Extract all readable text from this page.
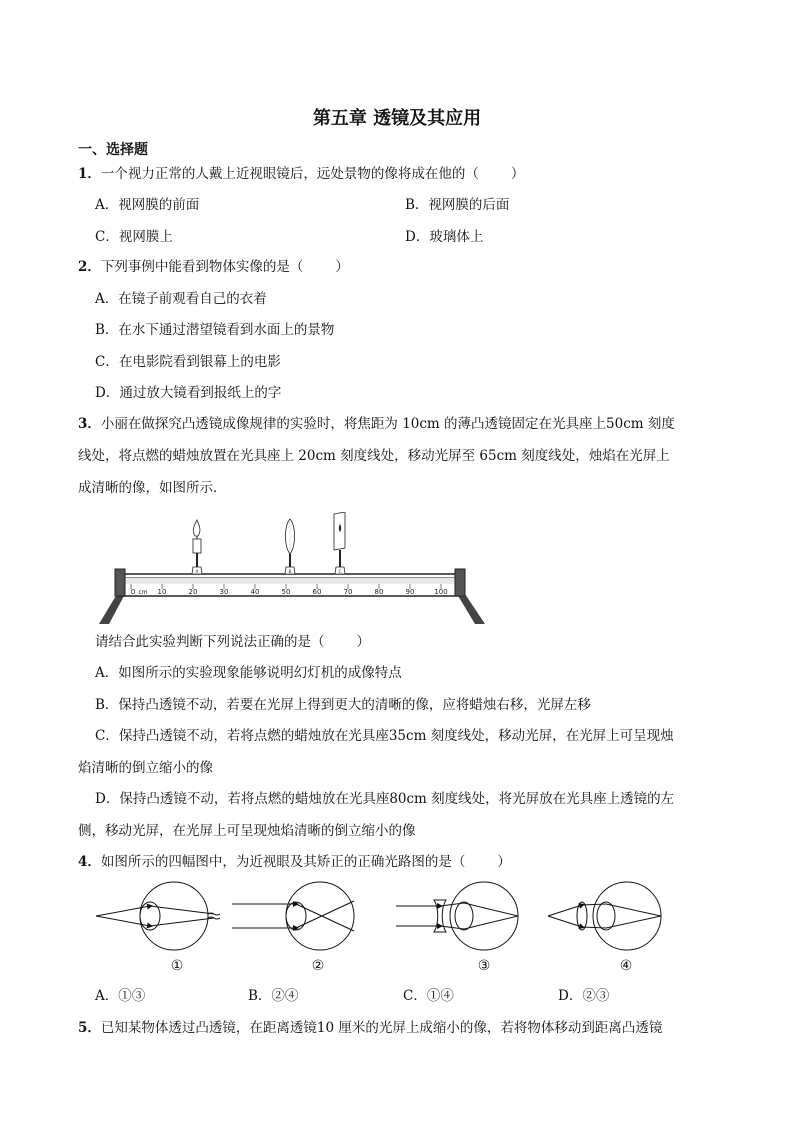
第五章 透镜及其应用
一、选择题
1．一个视力正常的人戴上近视眼镜后，远处景物的像将成在他的（ ）
A．视网膜的前面	B．视网膜的后面
C．视网膜上	D．玻璃体上
2．下列事例中能看到物体实像的是（ ）
A．在镜子前观看自己的衣着
B．在水下通过潜望镜看到水面上的景物
C．在电影院看到银幕上的电影
D．通过放大镜看到报纸上的字
3．小丽在做探究凸透镜成像规律的实验时，将焦距为 10cm 的薄凸透镜固定在光具座上50cm 刻度
线处，将点燃的蜡烛放置在光具座上 20cm 刻度线处，移动光屏至 65cm 刻度线处，烛焰在光屏上
成清晰的像，如图所示．
0 cm 10	20	30	40	50	60	70	80	90	100
A	B	C
请结合此实验判断下列说法正确的是（ ）
A．如图所示的实验现象能够说明幻灯机的成像特点
B．保持凸透镜不动，若要在光屏上得到更大的清晰的像，应将蜡烛右移，光屏左移
C．保持凸透镜不动，若将点燃的蜡烛放在光具座35cm 刻度线处，移动光屏，在光屏上可呈现烛
焰清晰的倒立缩小的像
D．保持凸透镜不动，若将点燃的蜡烛放在光具座80cm 刻度线处，将光屏放在光具座上透镜的左
侧，移动光屏，在光屏上可呈现烛焰清晰的倒立缩小的像
4．如图所示的四幅图中，为近视眼及其矫正的正确光路图的是（ ）
①	②	③	④
A．①③	B．②④	C．①④	D．②③
5．已知某物体透过凸透镜，在距离透镜10 厘米的光屏上成缩小的像，若将物体移动到距离凸透镜
